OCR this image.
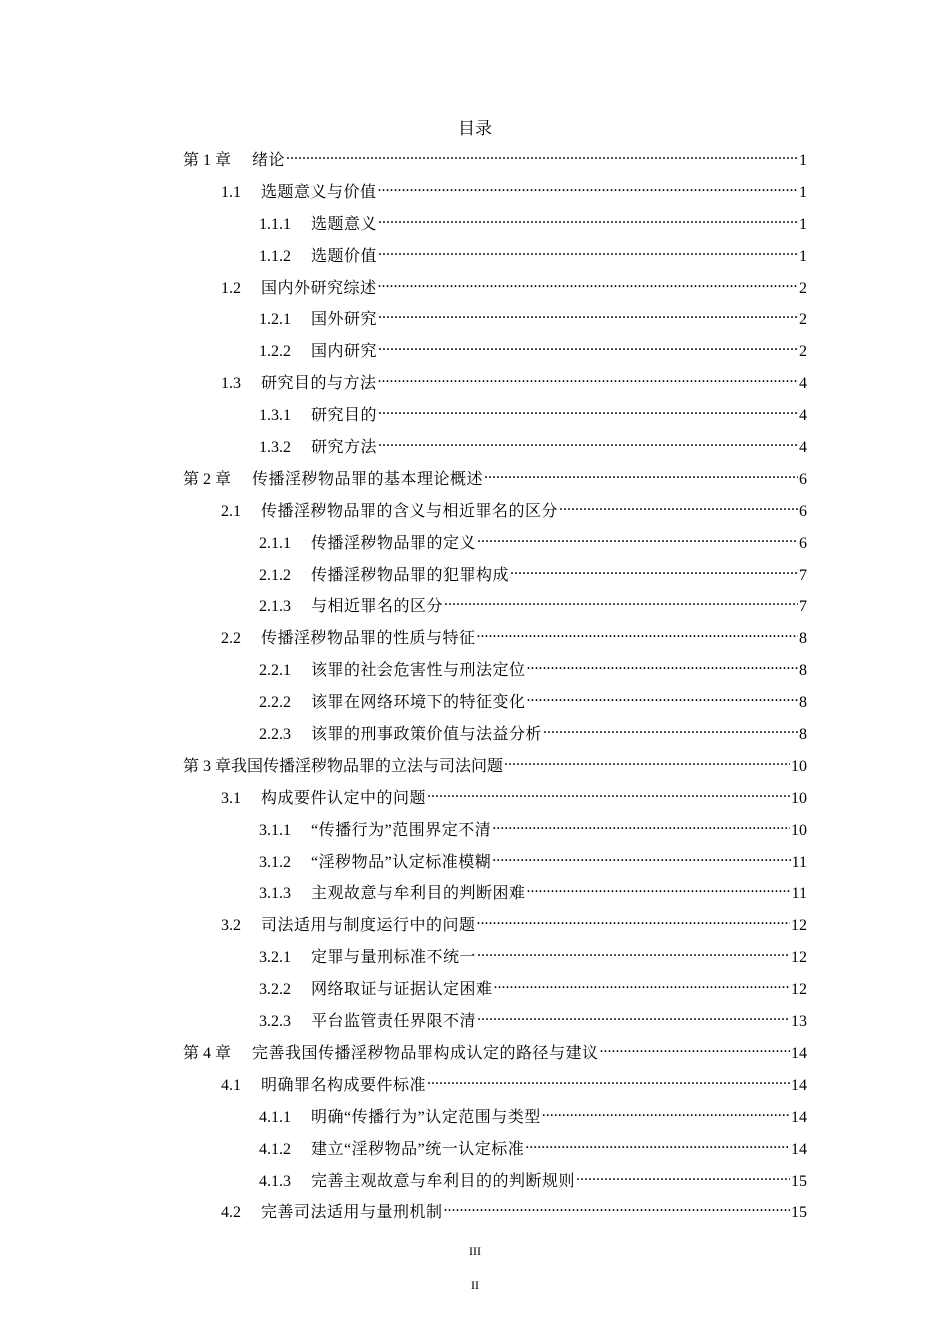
目录
第 1 章	绪论 .....	1
1.1	选题意义与价值 .....	1
1.1.1	选题意义 .....	1
1.1.2	选题价值 .....	1
1.2	国内外研究综述 .....	2
1.2.1	国外研究 .....	2
1.2.2	国内研究 .....	2
1.3	研究目的与方法 .....	4
1.3.1	研究目的 .....	4
1.3.2	研究方法 .....	4
第 2 章	传播淫秽物品罪的基本理论概述 .....	6
2.1	传播淫秽物品罪的含义与相近罪名的区分 .....	6
2.1.1	传播淫秽物品罪的定义 .....	6
2.1.2	传播淫秽物品罪的犯罪构成 .....	7
2.1.3	与相近罪名的区分 .....	7
2.2	传播淫秽物品罪的性质与特征 .....	8
2.2.1	该罪的社会危害性与刑法定位 .....	8
2.2.2	该罪在网络环境下的特征变化 .....	8
2.2.3	该罪的刑事政策价值与法益分析 .....	8
第 3 章我国传播淫秽物品罪的立法与司法问题 .....	10
3.1	构成要件认定中的问题 .....	10
3.1.1	“传播行为”范围界定不清 .....	10
3.1.2	“淫秽物品”认定标准模糊 .....	11
3.1.3	主观故意与牟利目的判断困难 .....	11
3.2	司法适用与制度运行中的问题 .....	12
3.2.1	定罪与量刑标准不统一 .....	12
3.2.2	网络取证与证据认定困难 .....	12
3.2.3	平台监管责任界限不清 .....	13
第 4 章	完善我国传播淫秽物品罪构成认定的路径与建议 .....	14
4.1	明确罪名构成要件标准 .....	14
4.1.1	明确“传播行为”认定范围与类型 .....	14
4.1.2	建立“淫秽物品”统一认定标准 .....	14
4.1.3	完善主观故意与牟利目的的判断规则 .....	15
4.2	完善司法适用与量刑机制 .....	15
III
II
